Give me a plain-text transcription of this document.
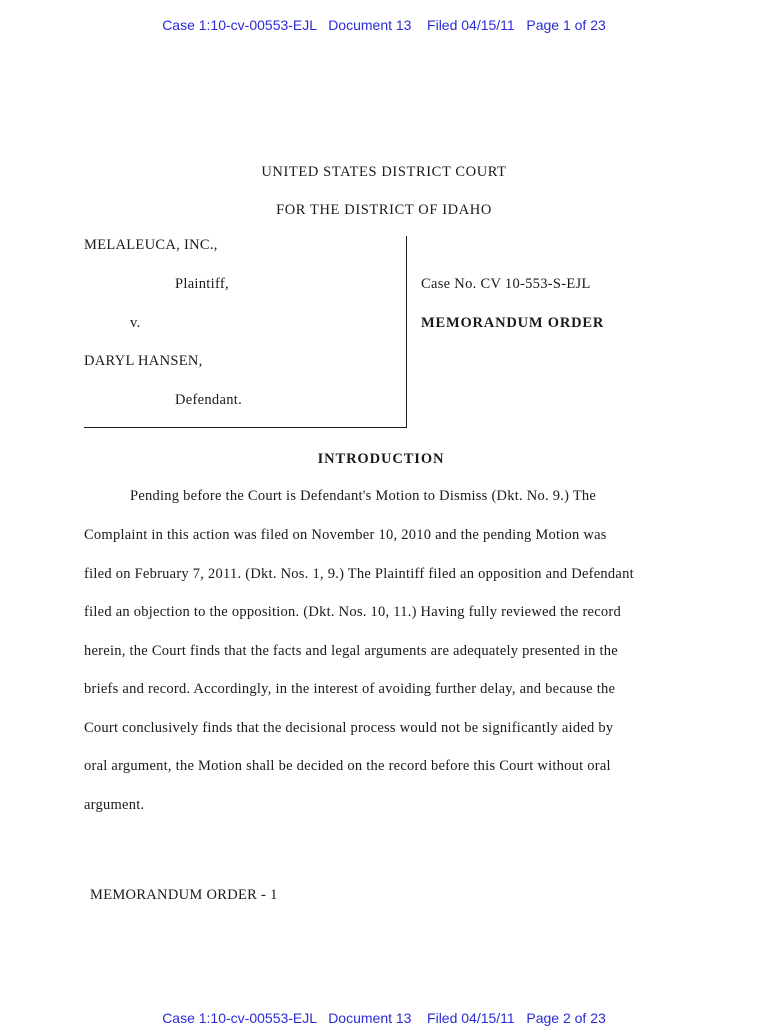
Case 1:10-cv-00553-EJL   Document 13    Filed 04/15/11   Page 1 of 23
UNITED STATES DISTRICT COURT
FOR THE DISTRICT OF IDAHO
MELALEUCA, INC.,
Plaintiff,
v.
DARYL HANSEN,
Defendant.
Case No. CV 10-553-S-EJL
MEMORANDUM ORDER
INTRODUCTION
Pending before the Court is Defendant's Motion to Dismiss (Dkt. No. 9.) The
Complaint in this action was filed on November 10, 2010 and the pending Motion was
filed on February 7, 2011. (Dkt. Nos. 1, 9.) The Plaintiff filed an opposition and Defendant
filed an objection to the opposition. (Dkt. Nos. 10, 11.) Having fully reviewed the record
herein, the Court finds that the facts and legal arguments are adequately presented in the
briefs and record. Accordingly, in the interest of avoiding further delay, and because the
Court conclusively finds that the decisional process would not be significantly aided by
oral argument, the Motion shall be decided on the record before this Court without oral
argument.
MEMORANDUM ORDER - 1
Case 1:10-cv-00553-EJL   Document 13    Filed 04/15/11   Page 2 of 23
